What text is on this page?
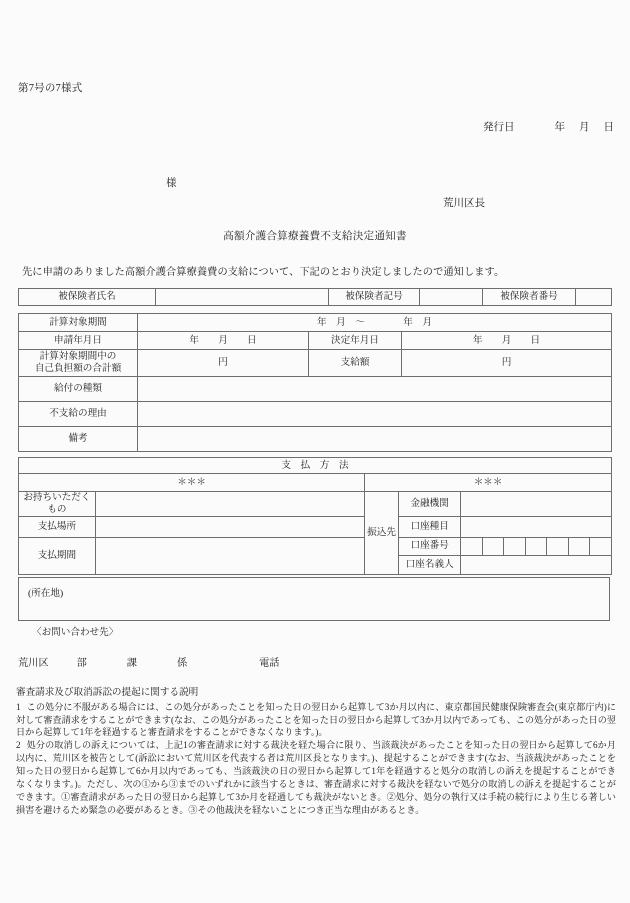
第7号の7様式
発行日	年 月 日
様
荒川区長
高額介護合算療養費不支給決定通知書
先に申請のありました高額介護合算療養費の支給について、下記のとおり決定しましたので通知します。
被保険者氏名		被保険者記号		被保険者番号	
計算対象期間	年　月　～　　　　年　月		
申請年月日	年　　月　　日	決定年月日	年　　月　　日

計算対象期間中の
自己負担額の合計額	円	支給額	円
給付の種類			
不支給の理由			
備考			
支　払　方　法										
＊＊＊		＊＊＊								

お持ちいただく
もの		振込先	金融機関							
支払場所			口座種目							
支払期間			口座番号							
			口座名義人							
(所在地)
〈お問い合わせ先〉
荒川区	部	課	係	電話
審査請求及び取消訴訟の提起に関する説明
1 この処分に不服がある場合には、この処分があったことを知った日の翌日から起算して3か月以内に、東京都国民健康保険審査会(東京都庁内)に対して審査請求をすることができます(なお、この処分があったことを知った日の翌日から起算して3か月以内であっても、この処分があった日の翌日から起算して1年を経過すると審査請求をすることができなくなります。)。
2 処分の取消しの訴えについては、上記1の審査請求に対する裁決を経た場合に限り、当該裁決があったことを知った日の翌日から起算して6か月以内に、荒川区を被告として(訴訟において荒川区を代表する者は荒川区長となります。)、提起することができます(なお、当該裁決があったことを知った日の翌日から起算して6か月以内であっても、当該裁決の日の翌日から起算して1年を経過すると処分の取消しの訴えを提起することができなくなります。)。ただし、次の①から③までのいずれかに該当するときは、審査請求に対する裁決を経ないで処分の取消しの訴えを提起することができます。①審査請求があった日の翌日から起算して3か月を経過しても裁決がないとき。②処分、処分の執行又は手続の続行により生じる著しい損害を避けるため緊急の必要があるとき。③その他裁決を経ないことにつき正当な理由があるとき。
